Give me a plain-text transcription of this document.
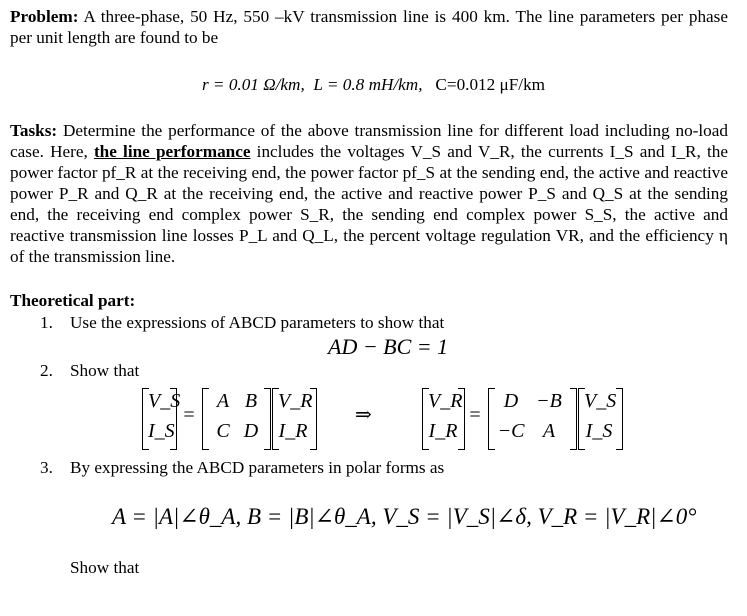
Problem: A three-phase, 50 Hz, 550 –kV transmission line is 400 km. The line parameters per phase per unit length are found to be
r = 0.01 Ω/km, L = 0.8 mH/km, C=0.012 μF/km
Tasks: Determine the performance of the above transmission line for different load including no-load case. Here, the line performance includes the voltages V_S and V_R, the currents I_S and I_R, the power factor pf_R at the receiving end, the power factor pf_S at the sending end, the active and reactive power P_R and Q_R at the receiving end, the active and reactive power P_S and Q_S at the sending end, the receiving end complex power S_R, the sending end complex power S_S, the active and reactive transmission line losses P_L and Q_L, the percent voltage regulation VR, and the efficiency η of the transmission line.
Theoretical part:
1. Use the expressions of ABCD parameters to show that
AD − BC = 1
2. Show that
V_S
I_S
=
A B
C D
V_R
I_R
⇒
V_R
I_R
=
D −B
−C A
V_S
I_S
3. By expressing the ABCD parameters in polar forms as
A = |A|∠θ_A, B = |B|∠θ_A, V_S = |V_S|∠δ, V_R = |V_R|∠0°
Show that
